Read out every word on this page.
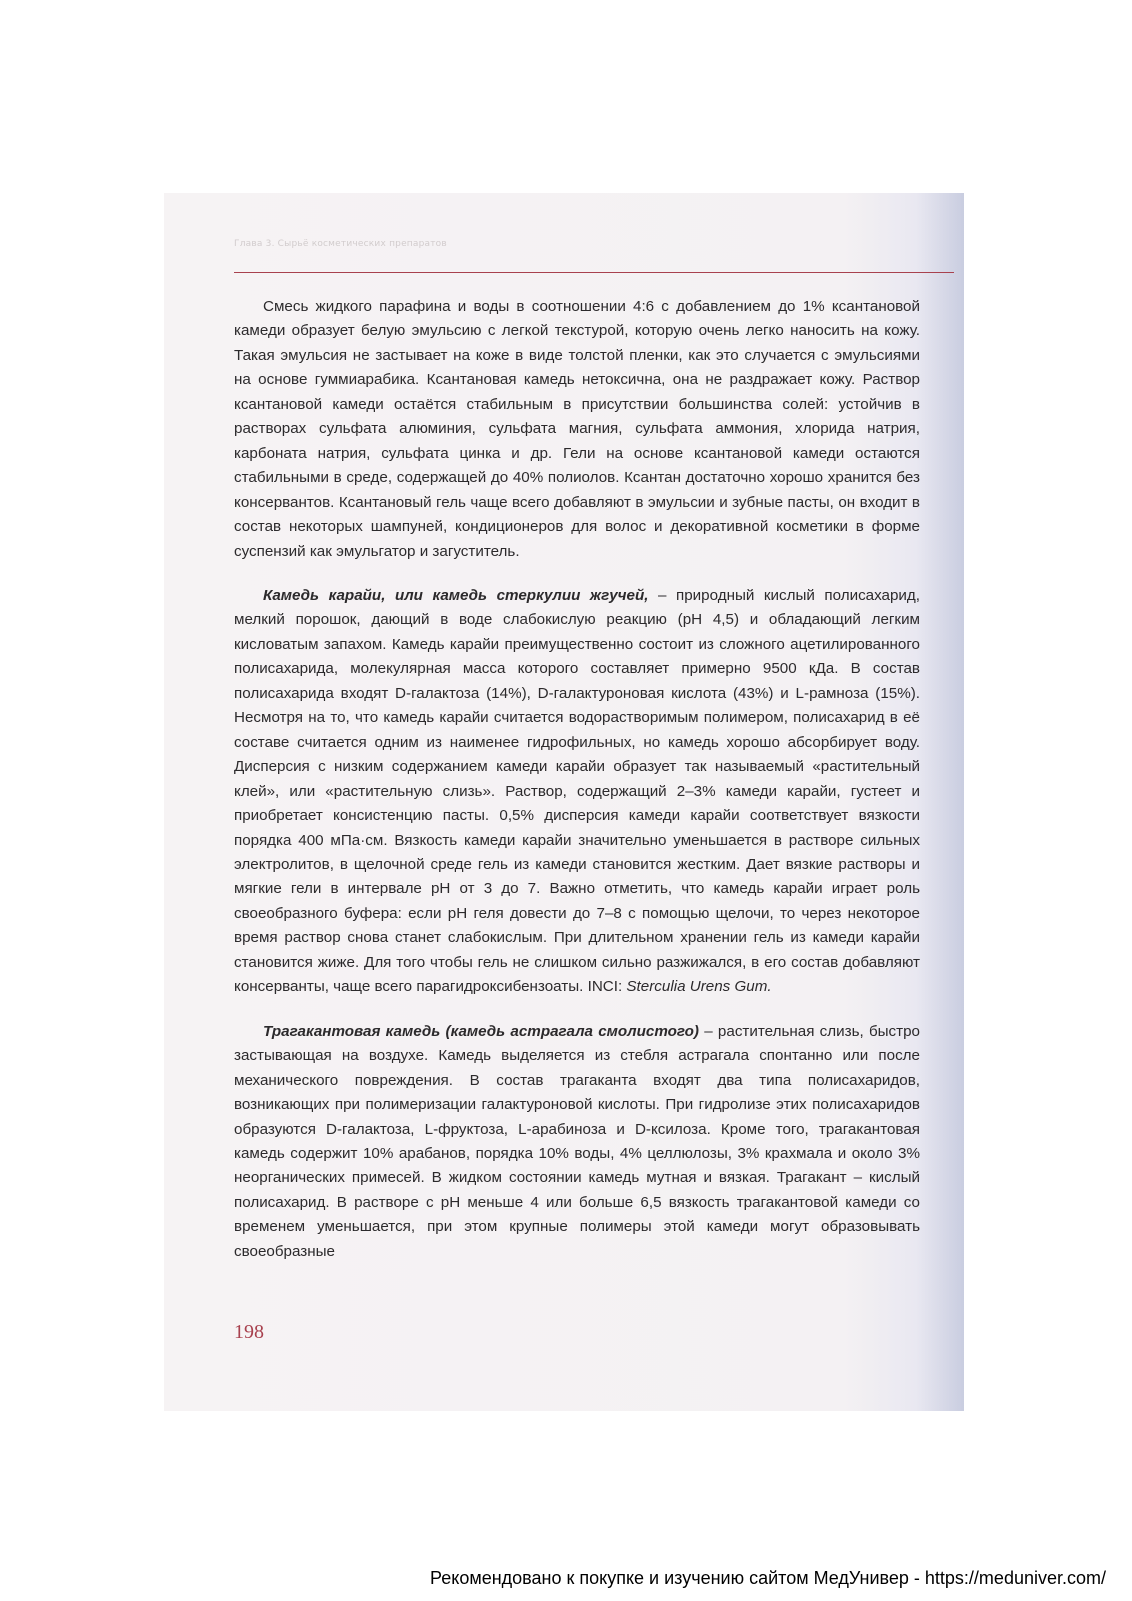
Глава 3. Сырьё косметических препаратов

Смесь жидкого парафина и воды в соотношении 4:6 с добавлением до 1% ксантановой камеди образует белую эмульсию с легкой текстурой, которую очень легко наносить на кожу. Такая эмульсия не застывает на коже в виде толстой пленки, как это случается с эмульсиями на основе гуммиарабика. Ксантановая камедь нетоксична, она не раздражает кожу. Раствор ксантановой камеди остаётся стабильным в присутствии большинства солей: устойчив в растворах сульфата алюминия, сульфата магния, сульфата аммония, хлорида натрия, карбоната натрия, сульфата цинка и др. Гели на основе ксантановой камеди остаются стабильными в среде, содержащей до 40% полиолов. Ксантан достаточно хорошо хранится без консервантов. Ксантановый гель чаще всего добавляют в эмульсии и зубные пасты, он входит в состав некоторых шампуней, кондиционеров для волос и декоративной косметики в форме суспензий как эмульгатор и загуститель.

Камедь карайи, или камедь стеркулии жгучей, – природный кислый полисахарид, мелкий порошок, дающий в воде слабокислую реакцию (pH 4,5) и обладающий легким кисловатым запахом. Камедь карайи преимущественно состоит из сложного ацетилированного полисахарида, молекулярная масса которого составляет примерно 9500 кДа. В состав полисахарида входят D-галактоза (14%), D-галактуроновая кислота (43%) и L-рамноза (15%). Несмотря на то, что камедь карайи считается водорастворимым полимером, полисахарид в её составе считается одним из наименее гидрофильных, но камедь хорошо абсорбирует воду. Дисперсия с низким содержанием камеди карайи образует так называемый «растительный клей», или «растительную слизь». Раствор, содержащий 2–3% камеди карайи, густеет и приобретает консистенцию пасты. 0,5% дисперсия камеди карайи соответствует вязкости порядка 400 мПа·см. Вязкость камеди карайи значительно уменьшается в растворе сильных электролитов, в щелочной среде гель из камеди становится жестким. Дает вязкие растворы и мягкие гели в интервале pH от 3 до 7. Важно отметить, что камедь карайи играет роль своеобразного буфера: если pH геля довести до 7–8 с помощью щелочи, то через некоторое время раствор снова станет слабокислым. При длительном хранении гель из камеди карайи становится жиже. Для того чтобы гель не слишком сильно разжижался, в его состав добавляют консерванты, чаще всего парагидроксибензоаты. INCI: Sterculia Urens Gum.

Трагакантовая камедь (камедь астрагала смолистого) – растительная слизь, быстро застывающая на воздухе. Камедь выделяется из стебля астрагала спонтанно или после механического повреждения. В состав трагаканта входят два типа полисахаридов, возникающих при полимеризации галактуроновой кислоты. При гидролизе этих полисахаридов образуются D-галактоза, L-фруктоза, L-арабиноза и D-ксилоза. Кроме того, трагакантовая камедь содержит 10% арабанов, порядка 10% воды, 4% целлюлозы, 3% крахмала и около 3% неорганических примесей. В жидком состоянии камедь мутная и вязкая. Трагакант – кислый полисахарид. В растворе с pH меньше 4 или больше 6,5 вязкость трагакантовой камеди со временем уменьшается, при этом крупные полимеры этой камеди могут образовывать своеобразные

198
Рекомендовано к покупке и изучению сайтом МедУнивер - https://meduniver.com/
